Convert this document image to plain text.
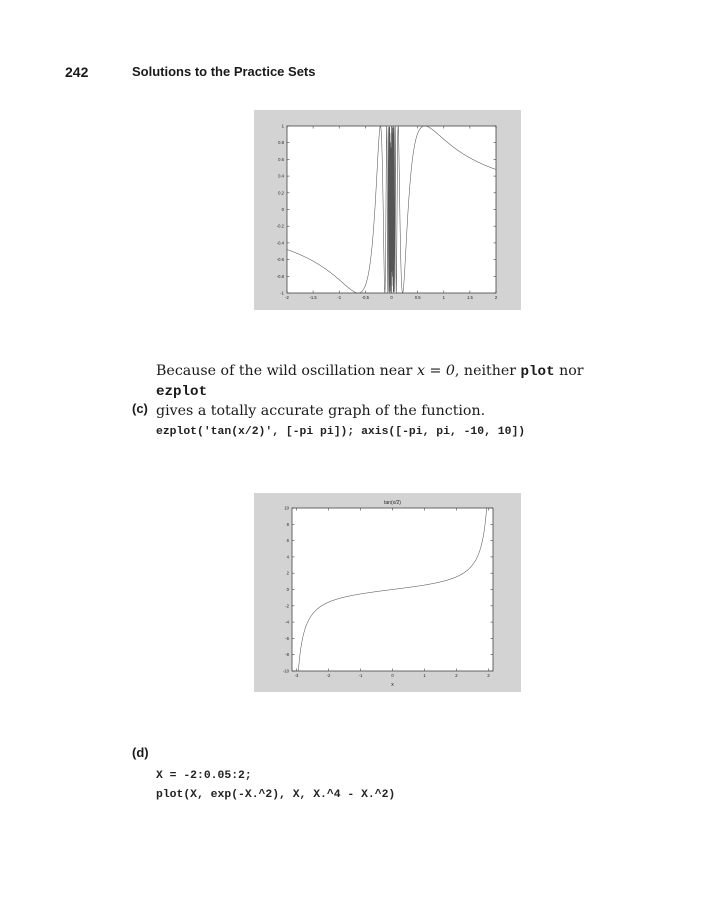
242	Solutions to the Practice Sets
-2	-1.5	-1	-0.5	0	0.5	1	1.5	2
1
0.8
0.6
0.4
0.2
0
-0.2
-0.4
-0.6
-0.8
-1

Because of the wild oscillation near x = 0, neither plot nor ezplot
gives a totally accurate graph of the function.

(c)
ezplot('tan(x/2)', [-pi pi]); axis([-pi, pi, -10, 10])
tan(x/2)
x
-3	-2	-1	0	1	2	3
10
8
6
4
2
0
-2
-4
-6
-8
-10
(d)
X = -2:0.05:2;
plot(X, exp(-X.^2), X, X.^4 - X.^2)
